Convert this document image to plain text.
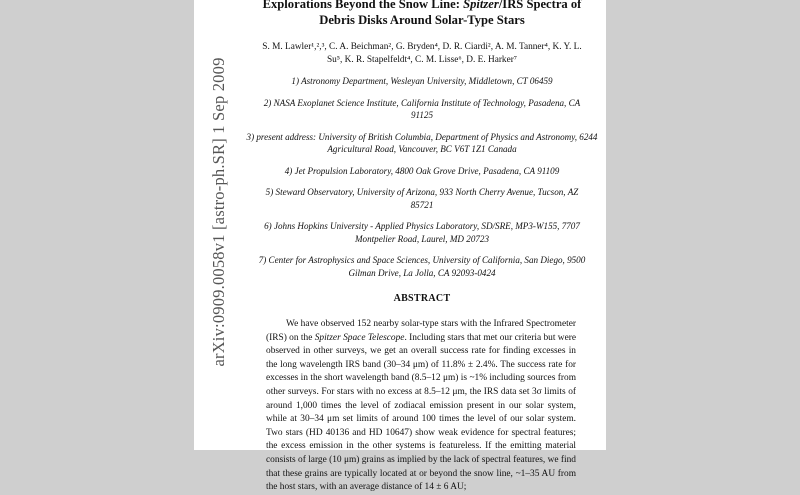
arXiv:0909.0058v1 [astro-ph.SR] 1 Sep 2009
Explorations Beyond the Snow Line: Spitzer/IRS Spectra of Debris Disks Around Solar-Type Stars
S. M. Lawler¹,²,³, C. A. Beichman², G. Bryden⁴, D. R. Ciardi², A. M. Tanner⁴, K. Y. L.
Su⁵, K. R. Stapelfeldt⁴, C. M. Lisse⁶, D. E. Harker⁷
1) Astronomy Department, Wesleyan University, Middletown, CT 06459
2) NASA Exoplanet Science Institute, California Institute of Technology, Pasadena, CA 91125
3) present address: University of British Columbia, Department of Physics and Astronomy, 6244 Agricultural Road, Vancouver, BC V6T 1Z1 Canada
4) Jet Propulsion Laboratory, 4800 Oak Grove Drive, Pasadena, CA 91109
5) Steward Observatory, University of Arizona, 933 North Cherry Avenue, Tucson, AZ 85721
6) Johns Hopkins University - Applied Physics Laboratory, SD/SRE, MP3-W155, 7707 Montpelier Road, Laurel, MD 20723
7) Center for Astrophysics and Space Sciences, University of California, San Diego, 9500 Gilman Drive, La Jolla, CA 92093-0424
ABSTRACT
We have observed 152 nearby solar-type stars with the Infrared Spectrometer (IRS) on the Spitzer Space Telescope. Including stars that met our criteria but were observed in other surveys, we get an overall success rate for finding excesses in the long wavelength IRS band (30–34 μm) of 11.8% ± 2.4%. The success rate for excesses in the short wavelength band (8.5–12 μm) is ~1% including sources from other surveys. For stars with no excess at 8.5–12 μm, the IRS data set 3σ limits of around 1,000 times the level of zodiacal emission present in our solar system, while at 30–34 μm set limits of around 100 times the level of our solar system. Two stars (HD 40136 and HD 10647) show weak evidence for spectral features; the excess emission in the other systems is featureless. If the emitting material consists of large (10 μm) grains as implied by the lack of spectral features, we find that these grains are typically located at or beyond the snow line, ~1–35 AU from the host stars, with an average distance of 14 ± 6 AU;
